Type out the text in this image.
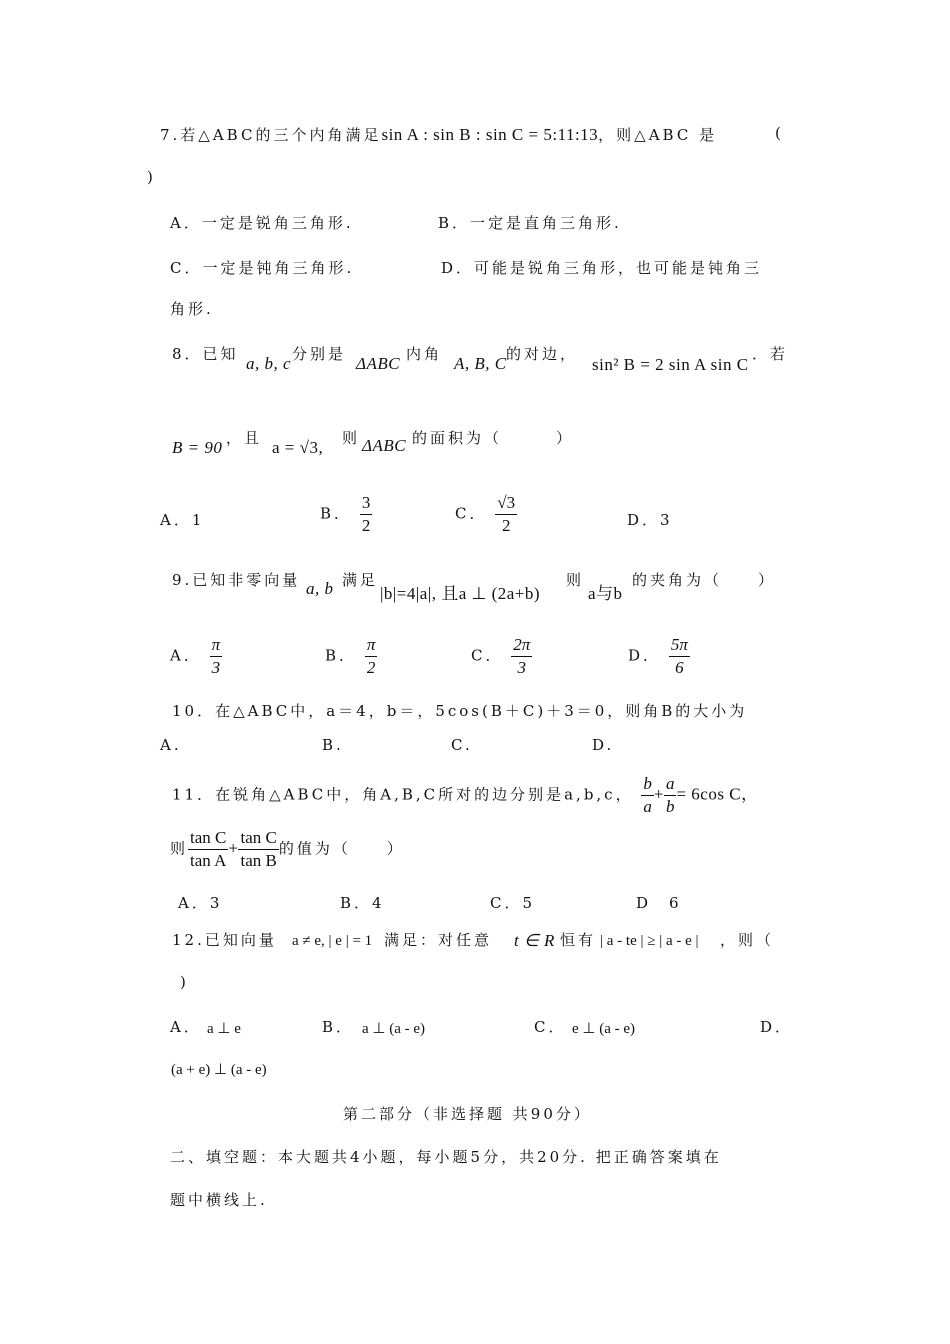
7.若△ABC的三个内角满足sin A : sin B : sin C = 5:11:13，则△ABC 是	(
)
A．一定是锐角三角形.	B．一定是直角三角形.
C．一定是钝角三角形.	D．可能是锐角三角形，也可能是钝角三
角形.
8．已知 a, b, c 分别是 ΔABC 内角 A, B, C 的对边，
sin² B = 2 sin A sin C
．若
B = 90 ，且 a = √3, 则 ΔABC 的面积为（　　　）
A．1	B． $\frac{3}{2}$	C． $\frac{√3}{2}$	D．3
9.已知非零向量 a, b 满足
|b|=4|a|, 且a ⊥ (2a+b)
则
a与b
的夹角为（　　）
A． $\frac{\pi}{3}$	B． $\frac{\pi}{2}$	C． $\frac{2\pi}{3}$	D． $\frac{5\pi}{6}$
10．在△ABC中，a＝4，b＝，5cos(B＋C)＋3＝0，则角B的大小为
A.	B.	C.	D.
11．在锐角△ABC中，角A,B,C所对的边分别是a,b,c， $\frac{b}{a} + \frac{a}{b} = 6\cos$ C，
则 $\frac{\text{tan C}}{\text{tan A}} + \frac{\text{tan C}}{\text{tan B}}$ 的值为（　　）
A．3	B．4	C．5	D　6
12.已知向量 a ≠ e, | e | = 1 满足：对任意 t ∈ R 恒有 | a - te | ≥ | a - e | ，则（
)
A． a ⊥ e	B． a ⊥ (a - e)	C． e ⊥ (a - e)	D．
(a + e) ⊥ (a - e)
第二部分（非选择题 共90分）
二、填空题：本大题共4小题，每小题5分，共20分. 把正确答案填在
题中横线上.
